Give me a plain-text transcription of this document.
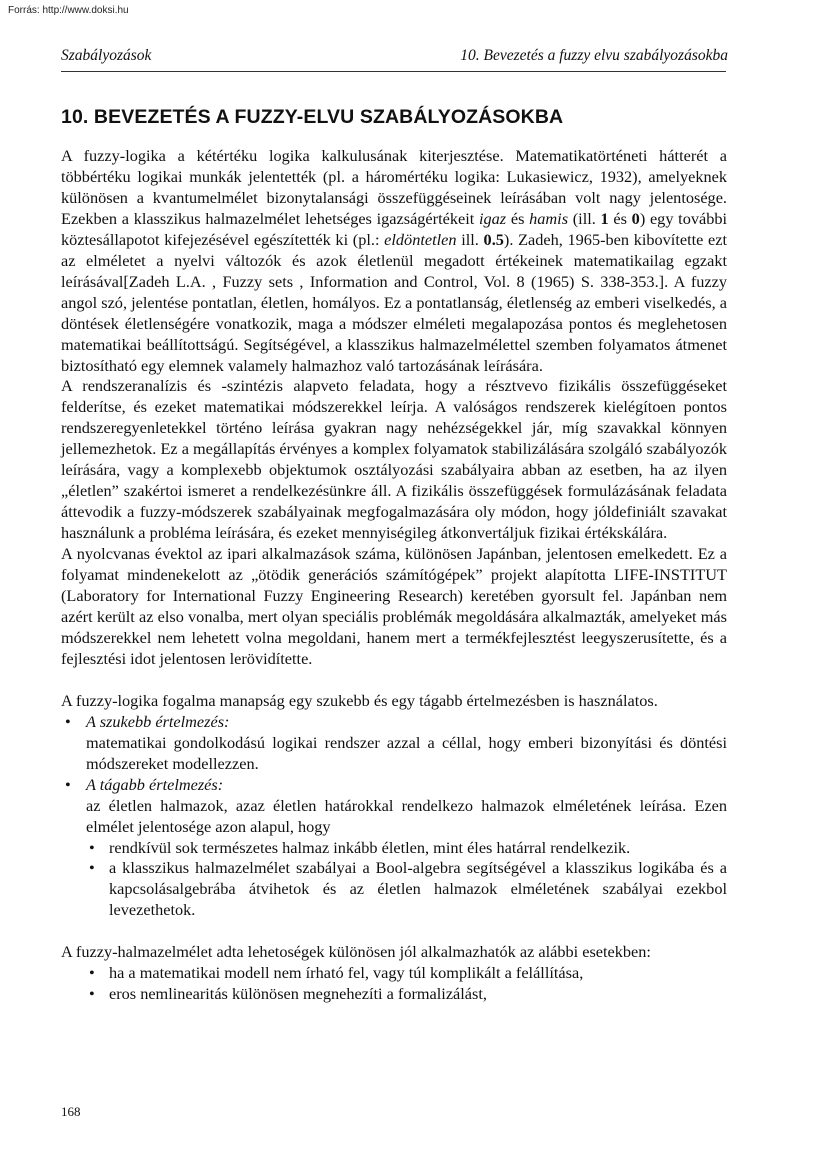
Forrás: http://www.doksi.hu
Szabályozások	10. Bevezetés a fuzzy elvu szabályozásokba
10. BEVEZETÉS A FUZZY-ELVU SZABÁLYOZÁSOKBA

A fuzzy-logika a kétértéku logika kalkulusának kiterjesztése. Matematikatörténeti hátterét a többértéku logikai munkák jelentették (pl. a háromértéku logika: Lukasiewicz, 1932), amelyeknek különösen a kvantumelmélet bizonytalansági összefüggéseinek leírásában volt nagy jelentosége. Ezekben a klasszikus halmazelmélet lehetséges igazságértékeit igaz és hamis (ill. 1 és 0) egy további köztesállapotot kifejezésével egészítették ki (pl.: eldöntetlen ill. 0.5). Zadeh, 1965-ben kibovítette ezt az elméletet a nyelvi változók és azok életlenül megadott értékeinek matematikailag egzakt leírásával[Zadeh L.A. , Fuzzy sets , Information and Control, Vol. 8 (1965) S. 338-353.]. A fuzzy angol szó, jelentése pontatlan, életlen, homályos. Ez a pontatlanság, életlenség az emberi viselkedés, a döntések életlenségére vonatkozik, maga a módszer elméleti megalapozása pontos és meglehetosen matematikai beállítottságú. Segítségével, a klasszikus halmazelmélettel szemben folyamatos átmenet biztosítható egy elemnek valamely halmazhoz való tartozásának leírására.

A rendszeranalízis és -szintézis alapveto feladata, hogy a résztvevo fizikális összefüggéseket felderítse, és ezeket matematikai módszerekkel leírja. A valóságos rendszerek kielégítoen pontos rendszeregyenletekkel történo leírása gyakran nagy nehézségekkel jár, míg szavakkal könnyen jellemezhetok. Ez a megállapítás érvényes a komplex folyamatok stabilizálására szolgáló szabályozók leírására, vagy a komplexebb objektumok osztályozási szabályaira abban az esetben, ha az ilyen „életlen” szakértoi ismeret a rendelkezésünkre áll. A fizikális összefüggések formulázásának feladata áttevodik a fuzzy-módszerek szabályainak megfogalmazására oly módon, hogy jóldefiniált szavakat használunk a probléma leírására, és ezeket mennyiségileg átkonvertáljuk fizikai értékskálára.

A nyolcvanas évektol az ipari alkalmazások száma, különösen Japánban, jelentosen emelkedett. Ez a folyamat mindenekelott az „ötödik generációs számítógépek” projekt alapította LIFE-INSTITUT (Laboratory for International Fuzzy Engineering Research) keretében gyorsult fel. Japánban nem azért került az elso vonalba, mert olyan speciális problémák megoldására alkalmazták, amelyeket más módszerekkel nem lehetett volna megoldani, hanem mert a termékfejlesztést leegyszerusítette, és a fejlesztési idot jelentosen lerövidítette.

A fuzzy-logika fogalma manapság egy szukebb és egy tágabb értelmezésben is használatos.

• A szukebb értelmezés:
matematikai gondolkodású logikai rendszer azzal a céllal, hogy emberi bizonyítási és döntési módszereket modellezzen.
• A tágabb értelmezés:
az életlen halmazok, azaz életlen határokkal rendelkezo halmazok elméletének leírása. Ezen elmélet jelentosége azon alapul, hogy
• rendkívül sok természetes halmaz inkább életlen, mint éles határral rendelkezik.
• a klasszikus halmazelmélet szabályai a Bool-algebra segítségével a klasszikus logikába és a kapcsolásalgebrába átvihetok és az életlen halmazok elméletének szabályai ezekbol levezethetok.

A fuzzy-halmazelmélet adta lehetoségek különösen jól alkalmazhatók az alábbi esetekben:

• ha a matematikai modell nem írható fel, vagy túl komplikált a felállítása,
• eros nemlinearitás különösen megnehezíti a formalizálást,
168
